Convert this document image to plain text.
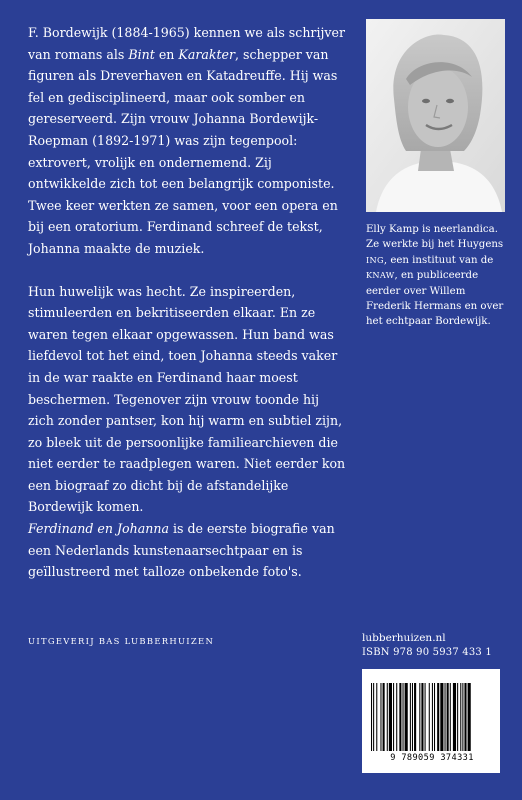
F. Bordewijk (1884-1965) kennen we als schrijver van romans als Bint en Karakter, schepper van figuren als Dreverhaven en Katadreuffe. Hij was fel en gedisciplineerd, maar ook somber en gereserveerd. Zijn vrouw Johanna Bordewijk-Roepman (1892-1971) was zijn tegenpool: extrovert, vrolijk en ondernemend. Zij ontwikkelde zich tot een belangrijk componiste. Twee keer werkten ze samen, voor een opera en bij een oratorium. Ferdinand schreef de tekst, Johanna maakte de muziek.

Hun huwelijk was hecht. Ze inspireerden, stimuleerden en bekritiseerden elkaar. En ze waren tegen elkaar opgewassen. Hun band was liefdevol tot het eind, toen Johanna steeds vaker in de war raakte en Ferdinand haar moest beschermen. Tegenover zijn vrouw toonde hij zich zonder pantser, kon hij warm en subtiel zijn, zo bleek uit de persoonlijke familiearchieven die niet eerder te raadplegen waren. Niet eerder kon een biograaf zo dicht bij de afstandelijke Bordewijk komen.

Ferdinand en Johanna is de eerste biografie van een Nederlands kunstenaarsechtpaar en is geïllustreerd met talloze onbekende foto's.

Elly Kamp is neerlandica. Ze werkte bij het Huygens ING, een instituut van de KNAW, en publiceerde eerder over Willem Frederik Hermans en over het echtpaar Bordewijk.
UITGEVERIJ BAS LUBBERHUIZEN	lubberhuizen.nl
ISBN 978 90 5937 433 1
9 789059 374331
